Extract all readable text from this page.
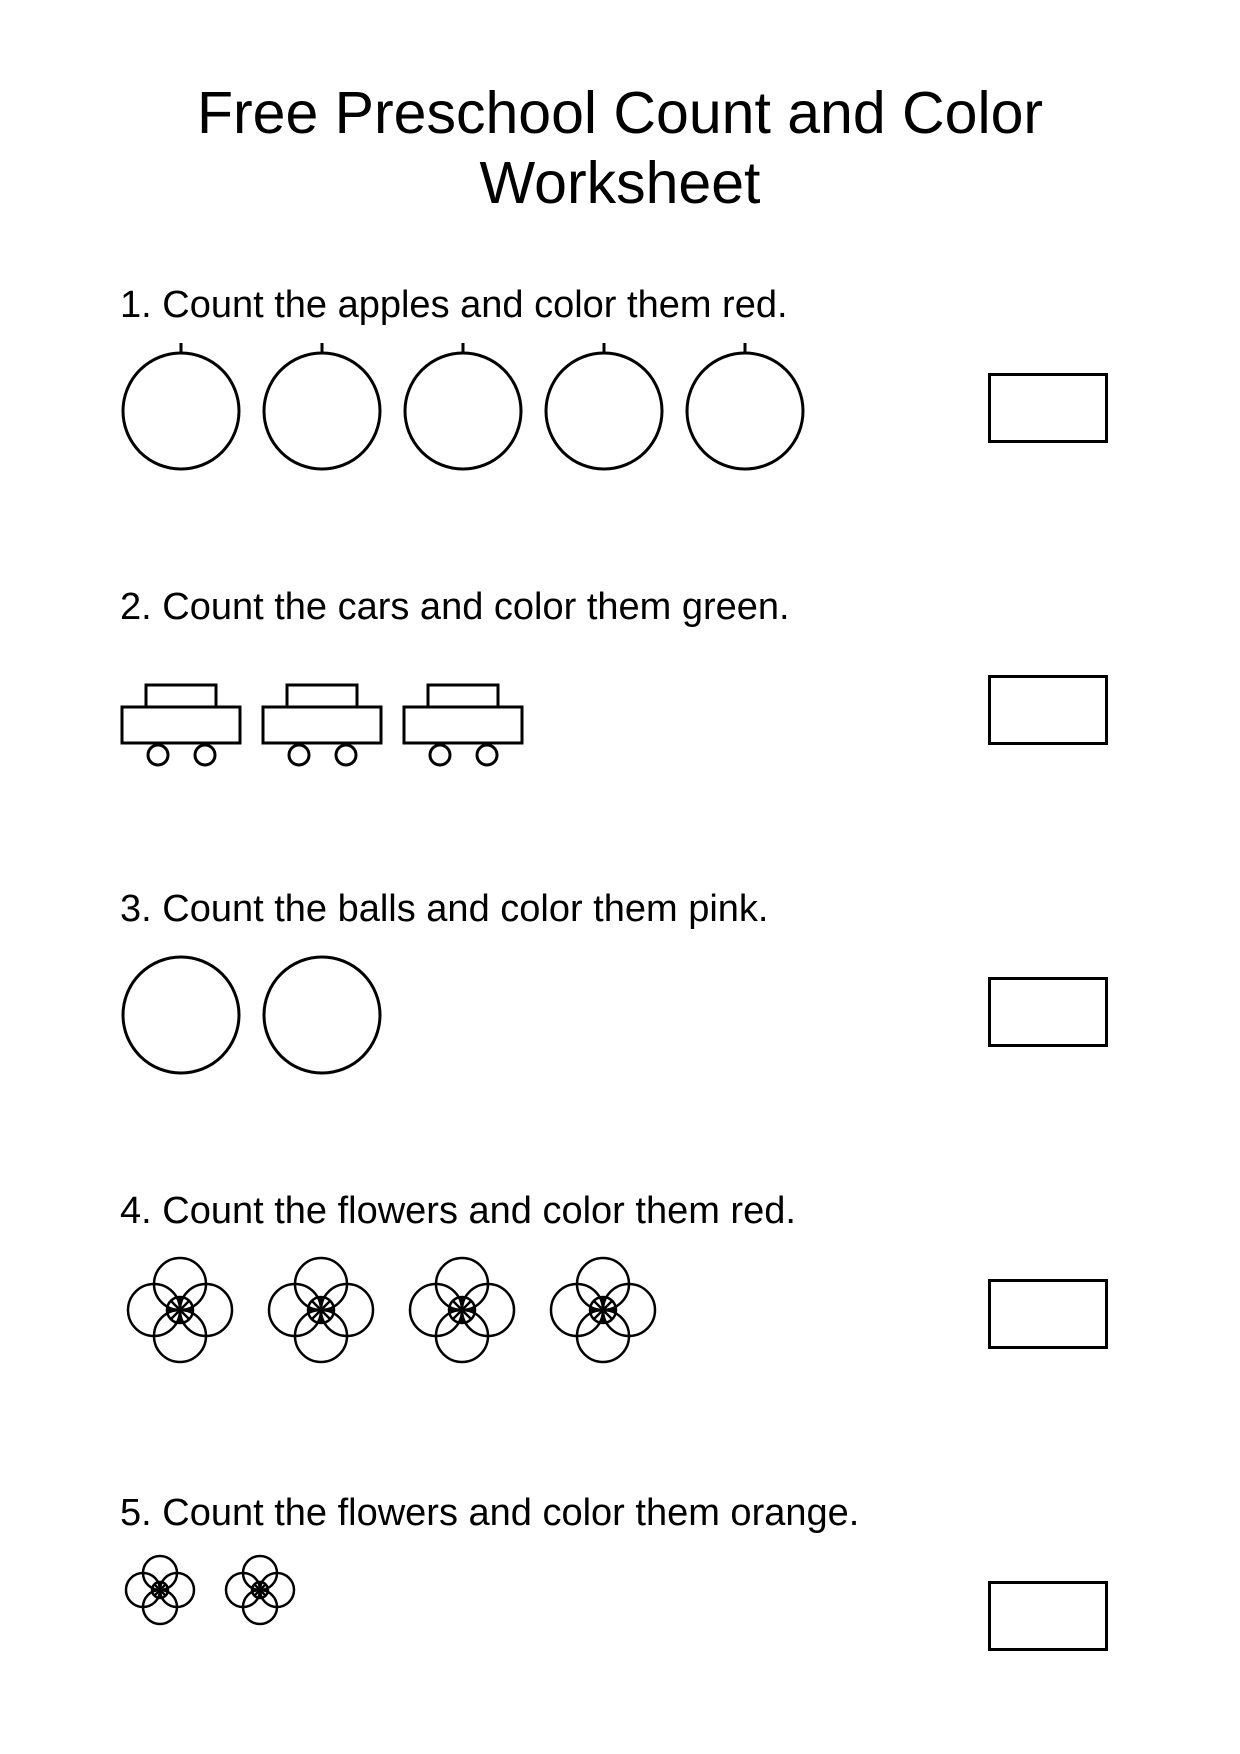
Free Preschool Count and Color
Worksheet
1. Count the apples and color them red.
2. Count the cars and color them green.
3. Count the balls and color them pink.
4. Count the flowers and color them red.
5. Count the flowers and color them orange.
